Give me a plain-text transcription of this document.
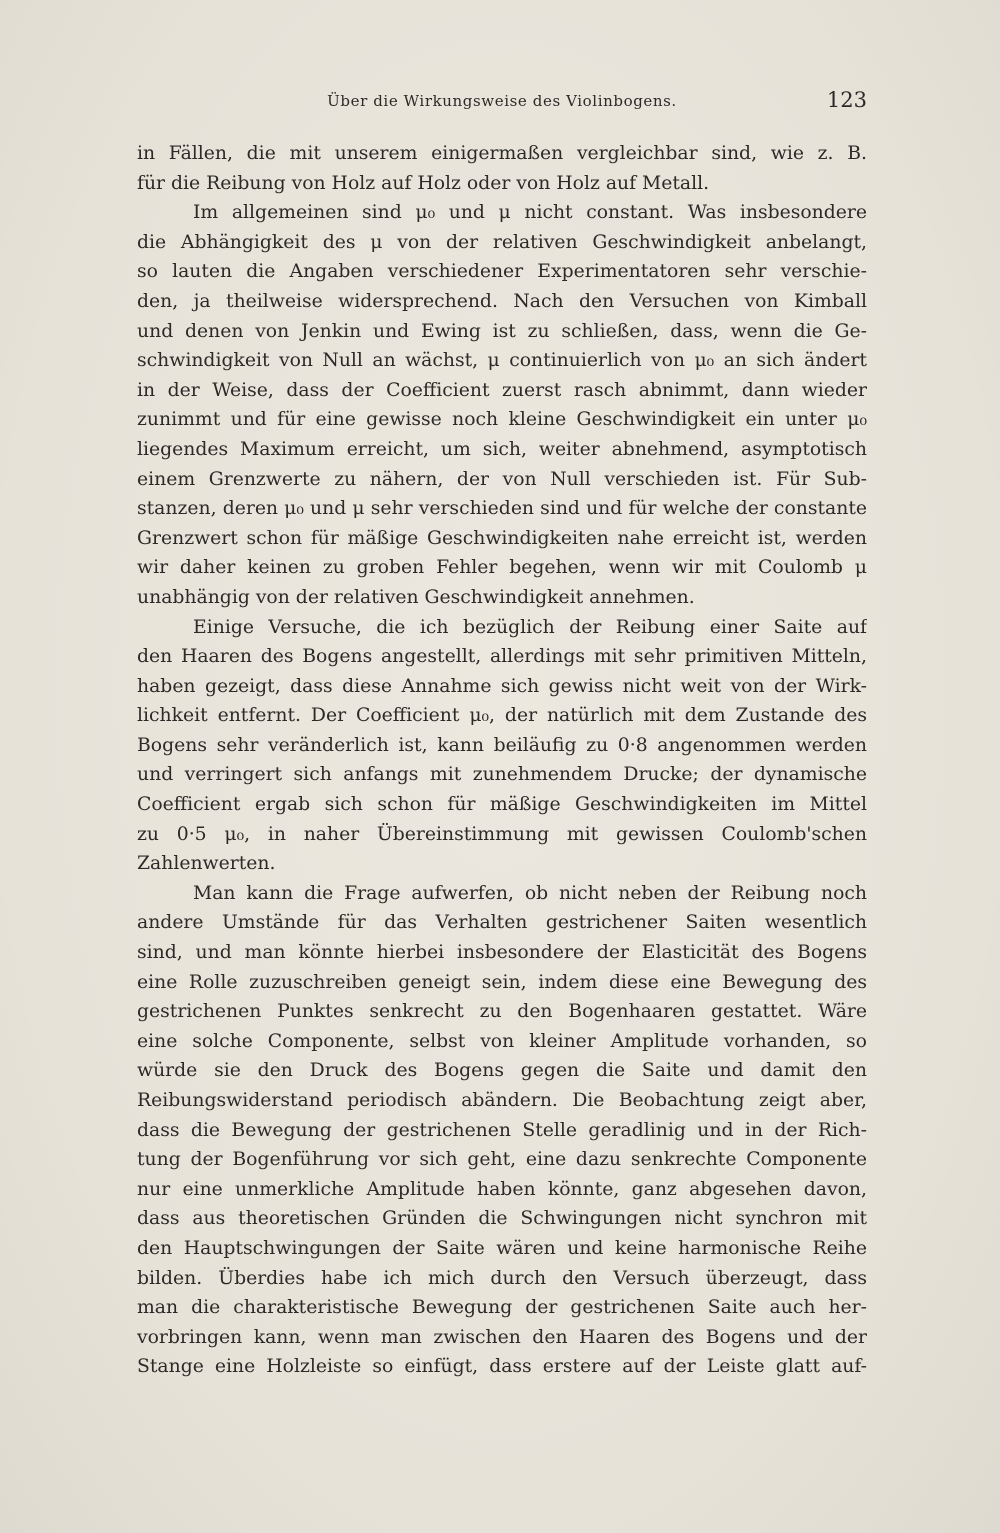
Über die Wirkungsweise des Violinbogens.	123
in Fällen, die mit unserem einigermaßen vergleichbar sind, wie z. B.
für die Reibung von Holz auf Holz oder von Holz auf Metall.
Im allgemeinen sind μ₀ und μ nicht constant. Was insbesondere
die Abhängigkeit des μ von der relativen Geschwindigkeit anbelangt,
so lauten die Angaben verschiedener Experimentatoren sehr verschie-
den, ja theilweise widersprechend. Nach den Versuchen von Kimball
und denen von Jenkin und Ewing ist zu schließen, dass, wenn die Ge-
schwindigkeit von Null an wächst, μ continuierlich von μ₀ an sich ändert
in der Weise, dass der Coefficient zuerst rasch abnimmt, dann wieder
zunimmt und für eine gewisse noch kleine Geschwindigkeit ein unter μ₀
liegendes Maximum erreicht, um sich, weiter abnehmend, asymptotisch
einem Grenzwerte zu nähern, der von Null verschieden ist. Für Sub-
stanzen, deren μ₀ und μ sehr verschieden sind und für welche der constante
Grenzwert schon für mäßige Geschwindigkeiten nahe erreicht ist, werden
wir daher keinen zu groben Fehler begehen, wenn wir mit Coulomb μ
unabhängig von der relativen Geschwindigkeit annehmen.
Einige Versuche, die ich bezüglich der Reibung einer Saite auf
den Haaren des Bogens angestellt, allerdings mit sehr primitiven Mitteln,
haben gezeigt, dass diese Annahme sich gewiss nicht weit von der Wirk-
lichkeit entfernt. Der Coefficient μ₀, der natürlich mit dem Zustande des
Bogens sehr veränderlich ist, kann beiläufig zu 0·8 angenommen werden
und verringert sich anfangs mit zunehmendem Drucke; der dynamische
Coefficient ergab sich schon für mäßige Geschwindigkeiten im Mittel
zu 0·5 μ₀, in naher Übereinstimmung mit gewissen Coulomb'schen
Zahlenwerten.
Man kann die Frage aufwerfen, ob nicht neben der Reibung noch
andere Umstände für das Verhalten gestrichener Saiten wesentlich
sind, und man könnte hierbei insbesondere der Elasticität des Bogens
eine Rolle zuzuschreiben geneigt sein, indem diese eine Bewegung des
gestrichenen Punktes senkrecht zu den Bogenhaaren gestattet. Wäre
eine solche Componente, selbst von kleiner Amplitude vorhanden, so
würde sie den Druck des Bogens gegen die Saite und damit den
Reibungswiderstand periodisch abändern. Die Beobachtung zeigt aber,
dass die Bewegung der gestrichenen Stelle geradlinig und in der Rich-
tung der Bogenführung vor sich geht, eine dazu senkrechte Componente
nur eine unmerkliche Amplitude haben könnte, ganz abgesehen davon,
dass aus theoretischen Gründen die Schwingungen nicht synchron mit
den Hauptschwingungen der Saite wären und keine harmonische Reihe
bilden. Überdies habe ich mich durch den Versuch überzeugt, dass
man die charakteristische Bewegung der gestrichenen Saite auch her-
vorbringen kann, wenn man zwischen den Haaren des Bogens und der
Stange eine Holzleiste so einfügt, dass erstere auf der Leiste glatt auf-
